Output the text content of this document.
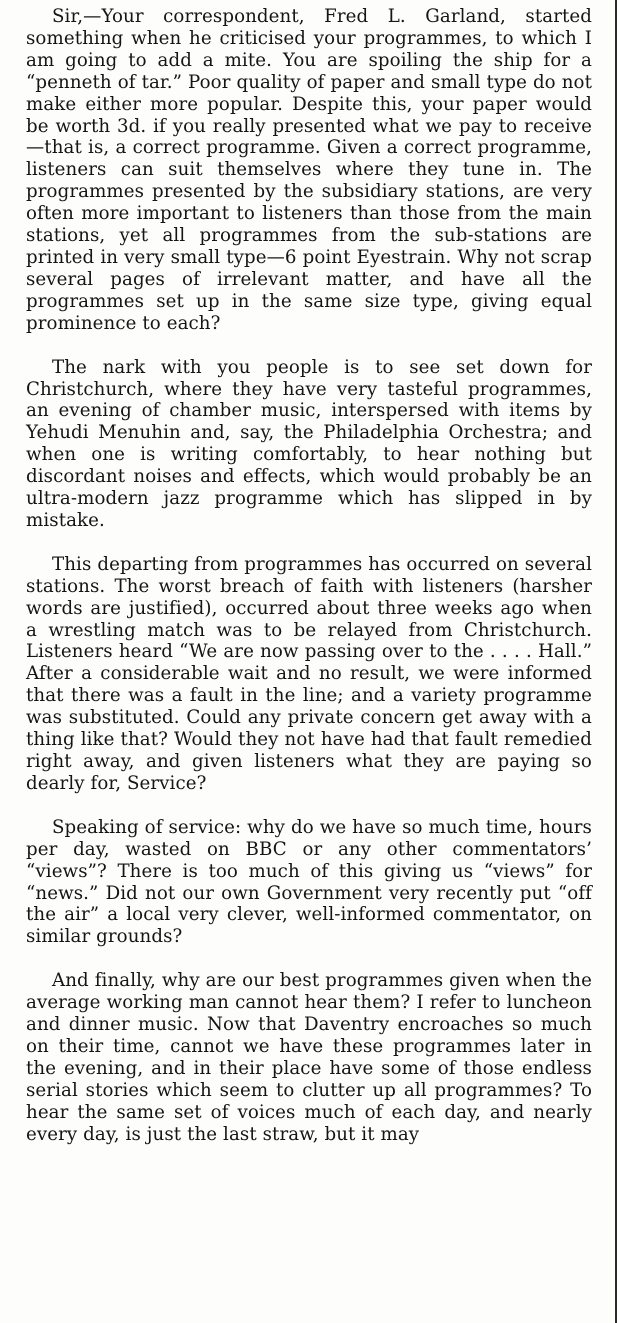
Sir,—Your correspondent, Fred L. Garland, started something when he criticised your programmes, to which I am going to add a mite. You are spoiling the ship for a “penneth of tar.” Poor quality of paper and small type do not make either more popular. Despite this, your paper would be worth 3d. if you really presented what we pay to receive—that is, a correct programme. Given a correct programme, listeners can suit themselves where they tune in. The programmes presented by the subsidiary stations, are very often more important to listeners than those from the main stations, yet all programmes from the sub-stations are printed in very small type—6 point Eyestrain. Why not scrap several pages of irrelevant matter, and have all the programmes set up in the same size type, giving equal prominence to each?

The nark with you people is to see set down for Christchurch, where they have very tasteful programmes, an evening of chamber music, interspersed with items by Yehudi Menuhin and, say, the Philadelphia Orchestra; and when one is writing comfortably, to hear nothing but discordant noises and effects, which would probably be an ultra-modern jazz programme which has slipped in by mistake.

This departing from programmes has occurred on several stations. The worst breach of faith with listeners (harsher words are justified), occurred about three weeks ago when a wrestling match was to be relayed from Christchurch. Listeners heard “We are now passing over to the . . . . Hall.” After a considerable wait and no result, we were informed that there was a fault in the line; and a variety programme was substituted. Could any private concern get away with a thing like that? Would they not have had that fault remedied right away, and given listeners what they are paying so dearly for, Service?

Speaking of service: why do we have so much time, hours per day, wasted on BBC or any other commentators’ “views”? There is too much of this giving us “views” for “news.” Did not our own Government very recently put “off the air” a local very clever, well-informed commentator, on similar grounds?

And finally, why are our best programmes given when the average working man cannot hear them? I refer to luncheon and dinner music. Now that Daventry encroaches so much on their time, cannot we have these programmes later in the evening, and in their place have some of those endless serial stories which seem to clutter up all programmes? To hear the same set of voices much of each day, and nearly every day, is just the last straw, but it may
